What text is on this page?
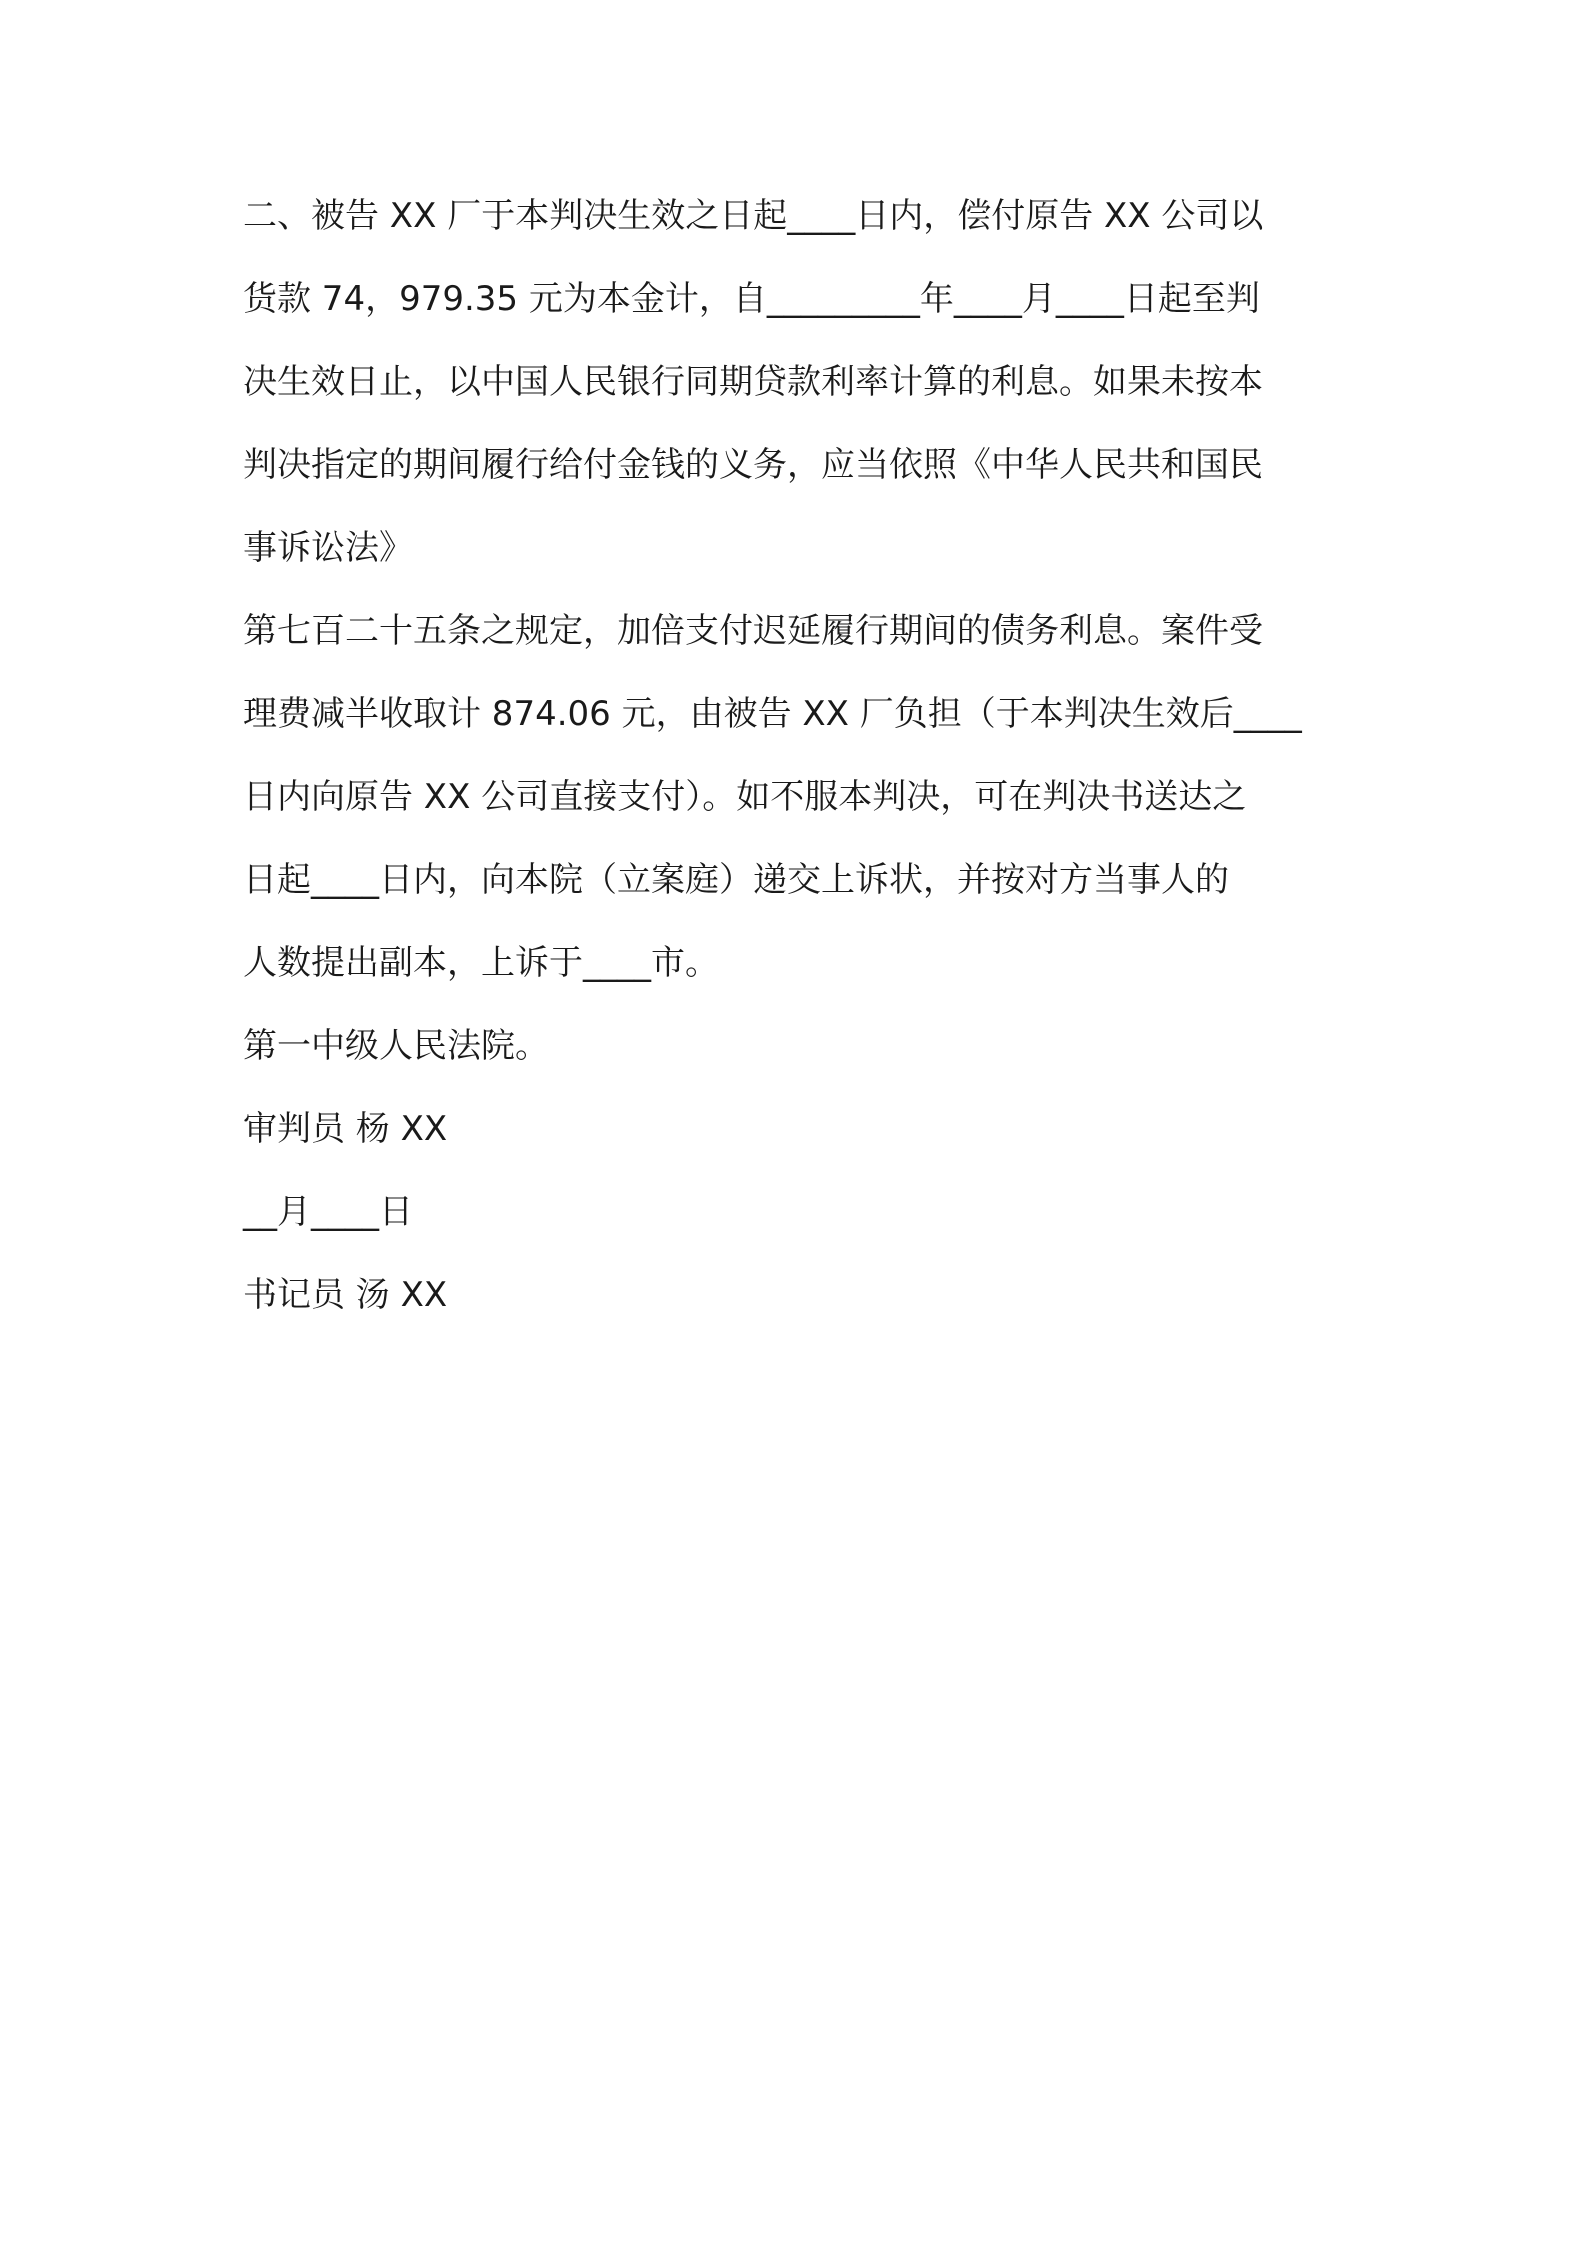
二、被告 XX 厂于本判决生效之日起____日内，偿付原告 XX 公司以
货款 74，979.35 元为本金计，自_________年____月____日起至判
决生效日止，以中国人民银行同期贷款利率计算的利息。如果未按本
判决指定的期间履行给付金钱的义务，应当依照《中华人民共和国民
事诉讼法》
第七百二十五条之规定，加倍支付迟延履行期间的债务利息。案件受
理费减半收取计 874.06 元，由被告 XX 厂负担（于本判决生效后____
日内向原告 XX 公司直接支付）。如不服本判决，可在判决书送达之
日起____日内，向本院（立案庭）递交上诉状，并按对方当事人的
人数提出副本，上诉于____市。
第一中级人民法院。
审判员 杨 XX
__月____日
书记员 汤 XX
